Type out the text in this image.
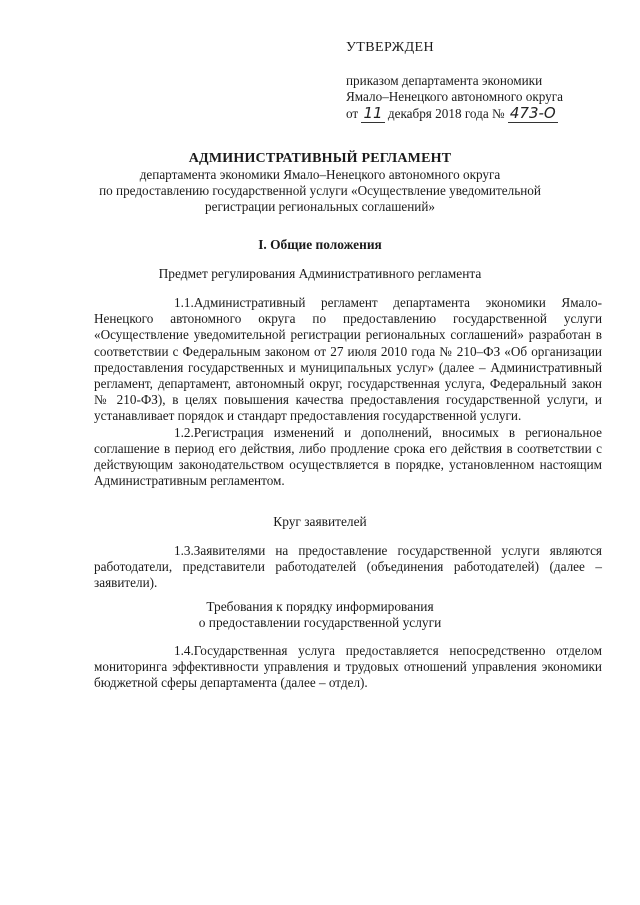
УТВЕРЖДЕН
приказом департамента экономики
Ямало–Ненецкого автономного округа
от 11 декабря 2018 года № 473-О
АДМИНИСТРАТИВНЫЙ РЕГЛАМЕНТ
департамента экономики Ямало–Ненецкого автономного округа
по предоставлению государственной услуги «Осуществление уведомительной
регистрации региональных соглашений»
I. Общие положения
Предмет регулирования Административного регламента

1.1.Административный регламент департамента экономики Ямало-Ненецкого автономного округа по предоставлению государственной услуги «Осуществление уведомительной регистрации региональных соглашений» разработан в соответствии с Федеральным законом от 27 июля 2010 года № 210–ФЗ «Об организации предоставления государственных и муниципальных услуг» (далее – Административный регламент, департамент, автономный округ, государственная услуга, Федеральный закон № 210-ФЗ), в целях повышения качества предоставления государственной услуги, и устанавливает порядок и стандарт предоставления государственной услуги.

1.2.Регистрация изменений и дополнений, вносимых в региональное соглашение в период его действия, либо продление срока его действия в соответствии с действующим законодательством осуществляется в порядке, установленном настоящим Административным регламентом.

Круг заявителей

1.3.Заявителями на предоставление государственной услуги являются работодатели, представители работодателей (объединения работодателей) (далее – заявители).

Требования к порядку информирования
о предоставлении государственной услуги

1.4.Государственная услуга предоставляется непосредственно отделом мониторинга эффективности управления и трудовых отношений управления экономики бюджетной сферы департамента (далее – отдел).
